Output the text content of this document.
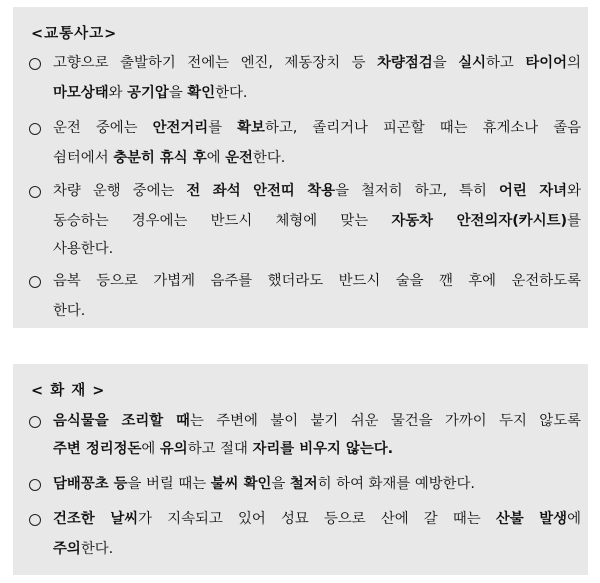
<교통사고>
고향으로 출발하기 전에는 엔진, 제동장치 등 차량점검을 실시하고 타이어의
마모상태와 공기압을 확인한다.
운전 중에는 안전거리를 확보하고, 졸리거나 피곤할 때는 휴게소나 졸음
쉼터에서 충분히 휴식 후에 운전한다.
차량 운행 중에는 전 좌석 안전띠 착용을 철저히 하고, 특히 어린 자녀와
동승하는 경우에는 반드시 체형에 맞는 자동차 안전의자(카시트)를
사용한다.
음복 등으로 가볍게 음주를 했더라도 반드시 술을 깬 후에 운전하도록
한다.
< 화 재 >
음식물을 조리할 때는 주변에 불이 붙기 쉬운 물건을 가까이 두지 않도록
주변 정리정돈에 유의하고 절대 자리를 비우지 않는다.
담배꽁초 등을 버릴 때는 불씨 확인을 철저히 하여 화재를 예방한다.
건조한 날씨가 지속되고 있어 성묘 등으로 산에 갈 때는 산불 발생에
주의한다.
